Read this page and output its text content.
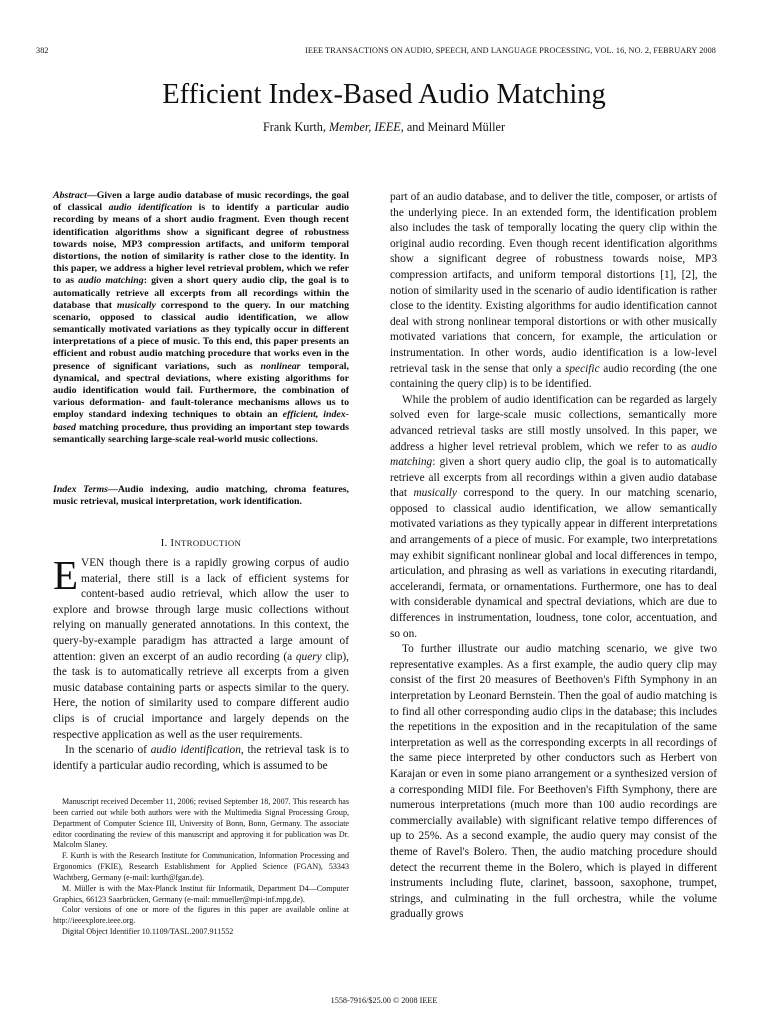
382	IEEE TRANSACTIONS ON AUDIO, SPEECH, AND LANGUAGE PROCESSING, VOL. 16, NO. 2, FEBRUARY 2008
Efficient Index-Based Audio Matching
Frank Kurth, Member, IEEE, and Meinard Müller
Abstract—Given a large audio database of music recordings, the goal of classical audio identification is to identify a particular audio recording by means of a short audio fragment. Even though recent identification algorithms show a significant degree of robustness towards noise, MP3 compression artifacts, and uniform temporal distortions, the notion of similarity is rather close to the identity. In this paper, we address a higher level retrieval problem, which we refer to as audio matching: given a short query audio clip, the goal is to automatically retrieve all excerpts from all recordings within the database that musically correspond to the query. In our matching scenario, opposed to classical audio identification, we allow semantically motivated variations as they typically occur in different interpretations of a piece of music. To this end, this paper presents an efficient and robust audio matching procedure that works even in the presence of significant variations, such as nonlinear temporal, dynamical, and spectral deviations, where existing algorithms for audio identification would fail. Furthermore, the combination of various deformation- and fault-tolerance mechanisms allows us to employ standard indexing techniques to obtain an efficient, index-based matching procedure, thus providing an important step towards semantically searching large-scale real-world music collections.
Index Terms—Audio indexing, audio matching, chroma features, music retrieval, musical interpretation, work identification.
I. INTRODUCTION

EVEN though there is a rapidly growing corpus of audio material, there still is a lack of efficient systems for content-based audio retrieval, which allow the user to explore and browse through large music collections without relying on manually generated annotations. In this context, the query-by-example paradigm has attracted a large amount of attention: given an excerpt of an audio recording (a query clip), the task is to automatically retrieve all excerpts from a given music database containing parts or aspects similar to the query. Here, the notion of similarity used to compare different audio clips is of crucial importance and largely depends on the respective application as well as the user requirements.

In the scenario of audio identification, the retrieval task is to identify a particular audio recording, which is assumed to be

Manuscript received December 11, 2006; revised September 18, 2007. This research has been carried out while both authors were with the Multimedia Signal Processing Group, Department of Computer Science III, University of Bonn, Bonn, Germany. The associate editor coordinating the review of this manuscript and approving it for publication was Dr. Malcolm Slaney.

F. Kurth is with the Research Institute for Communication, Information Processing and Ergonomics (FKIE), Research Establishment for Applied Science (FGAN), 53343 Wachtberg, Germany (e-mail: kurth@fgan.de).

M. Müller is with the Max-Planck Institut für Informatik, Department D4—Computer Graphics, 66123 Saarbrücken, Germany (e-mail: mmueller@mpi-inf.mpg.de).

Color versions of one or more of the figures in this paper are available online at http://ieeexplore.ieee.org.

Digital Object Identifier 10.1109/TASL.2007.911552

part of an audio database, and to deliver the title, composer, or artists of the underlying piece. In an extended form, the identification problem also includes the task of temporally locating the query clip within the original audio recording. Even though recent identification algorithms show a significant degree of robustness towards noise, MP3 compression artifacts, and uniform temporal distortions [1], [2], the notion of similarity used in the scenario of audio identification is rather close to the identity. Existing algorithms for audio identification cannot deal with strong nonlinear temporal distortions or with other musically motivated variations that concern, for example, the articulation or instrumentation. In other words, audio identification is a low-level retrieval task in the sense that only a specific audio recording (the one containing the query clip) is to be identified.

While the problem of audio identification can be regarded as largely solved even for large-scale music collections, semantically more advanced retrieval tasks are still mostly unsolved. In this paper, we address a higher level retrieval problem, which we refer to as audio matching: given a short query audio clip, the goal is to automatically retrieve all excerpts from all recordings within a given audio database that musically correspond to the query. In our matching scenario, opposed to classical audio identification, we allow semantically motivated variations as they typically appear in different interpretations and arrangements of a piece of music. For example, two interpretations may exhibit significant nonlinear global and local differences in tempo, articulation, and phrasing as well as variations in executing ritardandi, accelerandi, fermata, or ornamentations. Furthermore, one has to deal with considerable dynamical and spectral deviations, which are due to differences in instrumentation, loudness, tone color, accentuation, and so on.

To further illustrate our audio matching scenario, we give two representative examples. As a first example, the audio query clip may consist of the first 20 measures of Beethoven's Fifth Symphony in an interpretation by Leonard Bernstein. Then the goal of audio matching is to find all other corresponding audio clips in the database; this includes the repetitions in the exposition and in the recapitulation of the same interpretation as well as the corresponding excerpts in all recordings of the same piece interpreted by other conductors such as Herbert von Karajan or even in some piano arrangement or a synthesized version of a corresponding MIDI file. For Beethoven's Fifth Symphony, there are numerous interpretations (much more than 100 audio recordings are commercially available) with significant relative tempo differences of up to 25%. As a second example, the audio query may consist of the theme of Ravel's Bolero. Then, the audio matching procedure should detect the recurrent theme in the Bolero, which is played in different instruments including flute, clarinet, bassoon, saxophone, trumpet, strings, and culminating in the full orchestra, while the volume gradually grows

1558-7916/$25.00 © 2008 IEEE
